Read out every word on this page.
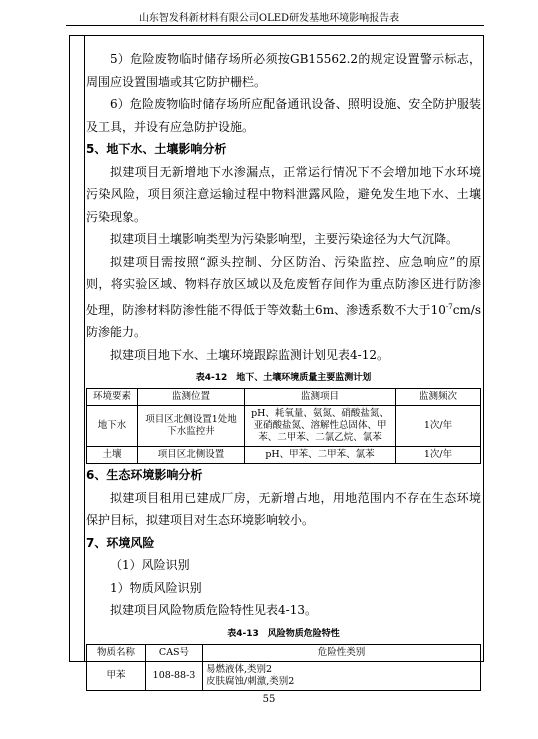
山东智发科新材料有限公司OLED研发基地环境影响报告表

5）危险废物临时储存场所必须按GB15562.2的规定设置警示标志，周围应设置围墙或其它防护栅栏。

6）危险废物临时储存场所应配备通讯设备、照明设施、安全防护服装及工具，并设有应急防护设施。

5、地下水、土壤影响分析

拟建项目无新增地下水渗漏点，正常运行情况下不会增加地下水环境污染风险，项目须注意运输过程中物料泄露风险，避免发生地下水、土壤污染现象。

拟建项目土壤影响类型为污染影响型，主要污染途径为大气沉降。

拟建项目需按照“源头控制、分区防治、污染监控、应急响应”的原则，将实验区域、物料存放区域以及危废暂存间作为重点防渗区进行防渗处理，防渗材料防渗性能不得低于等效黏土6m、渗透系数不大于$10^{-7}cm/s$防渗能力。

拟建项目地下水、土壤环境跟踪监测计划见表4-12。

表4-12　地下、土壤环境质量主要监测计划
环境要素	监测位置	监测项目	监测频次
地下水	项目区北侧设置1处地下水监控井	pH、耗氧量、氨氮、硝酸盐氮、亚硝酸盐氮、溶解性总固体、甲苯、二甲苯、二氯乙烷、氯苯	1次/年
土壤	项目区北侧设置	pH、甲苯、二甲苯、氯苯	1次/年

6、生态环境影响分析

拟建项目租用已建成厂房，无新增占地，用地范围内不存在生态环境保护目标，拟建项目对生态环境影响较小。

7、环境风险

（1）风险识别

1）物质风险识别

拟建项目风险物质危险特性见表4-13。

表4-13　风险物质危险特性
物质名称	CAS号	危险性类别
甲苯	108-88-3	易燃液体,类别2
皮肤腐蚀/刺激,类别2
55
